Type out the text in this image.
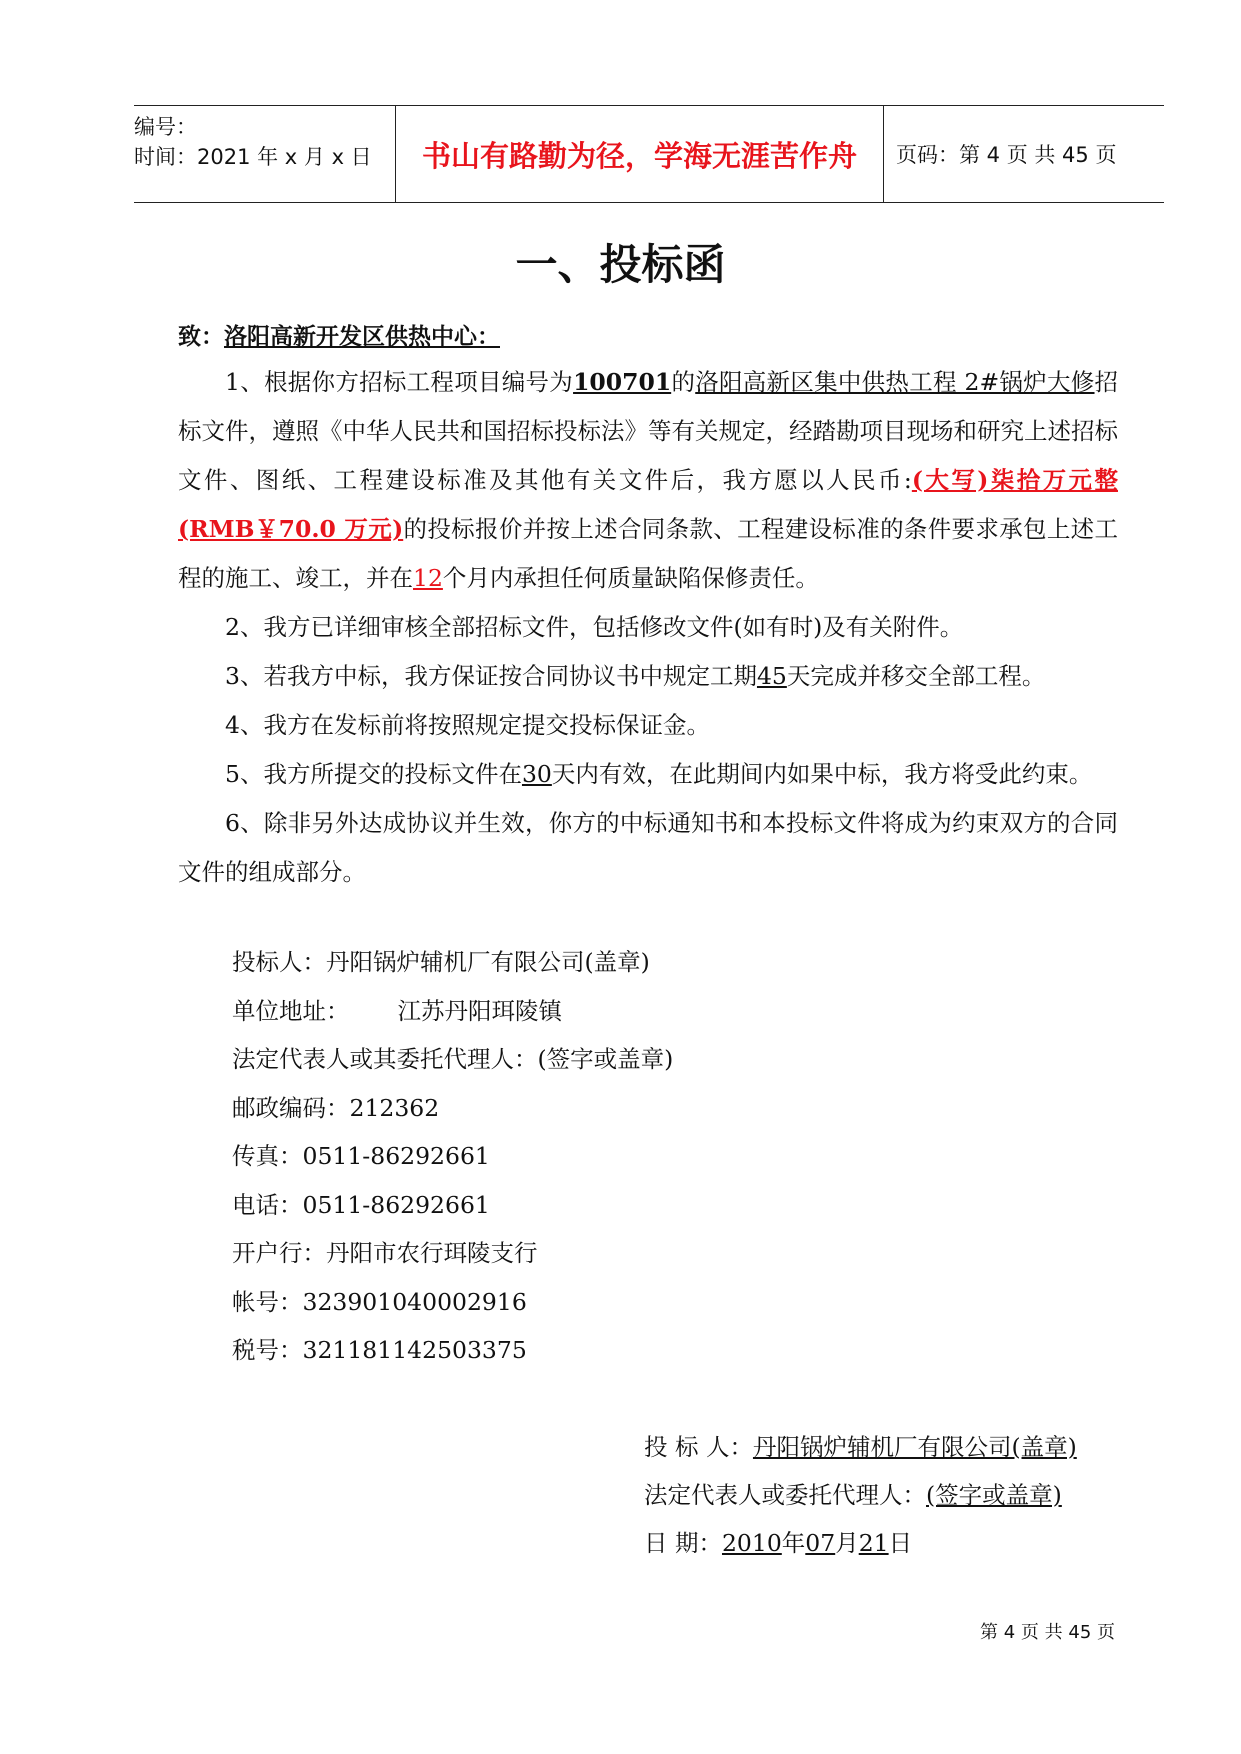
编号：
时间：2021 年 x 月 x 日	书山有路勤为径，学海无涯苦作舟	页码：第 4 页 共 45 页
一、投标函
致：洛阳高新开发区供热中心：

1、根据你方招标工程项目编号为100701的洛阳高新区集中供热工程 2#锅炉大修招标文件，遵照《中华人民共和国招标投标法》等有关规定，经踏勘项目现场和研究上述招标文件、图纸、工程建设标准及其他有关文件后，我方愿以人民币:(大写)柒拾万元整(RMB￥70.0 万元)的投标报价并按上述合同条款、工程建设标准的条件要求承包上述工程的施工、竣工，并在12个月内承担任何质量缺陷保修责任。

2、我方已详细审核全部招标文件，包括修改文件(如有时)及有关附件。

3、若我方中标，我方保证按合同协议书中规定工期45天完成并移交全部工程。

4、我方在发标前将按照规定提交投标保证金。

5、我方所提交的投标文件在30天内有效，在此期间内如果中标，我方将受此约束。

6、除非另外达成协议并生效，你方的中标通知书和本投标文件将成为约束双方的合同文件的组成部分。

投标人：丹阳锅炉辅机厂有限公司(盖章)
单位地址： 江苏丹阳珥陵镇
法定代表人或其委托代理人：(签字或盖章)
邮政编码：212362
传真：0511-86292661
电话：0511-86292661
开户行：丹阳市农行珥陵支行
帐号：323901040002916
税号：321181142503375
投 标 人：丹阳锅炉辅机厂有限公司(盖章)
法定代表人或委托代理人：(签字或盖章)
日 期：2010年07月21日
第 4 页 共 45 页
